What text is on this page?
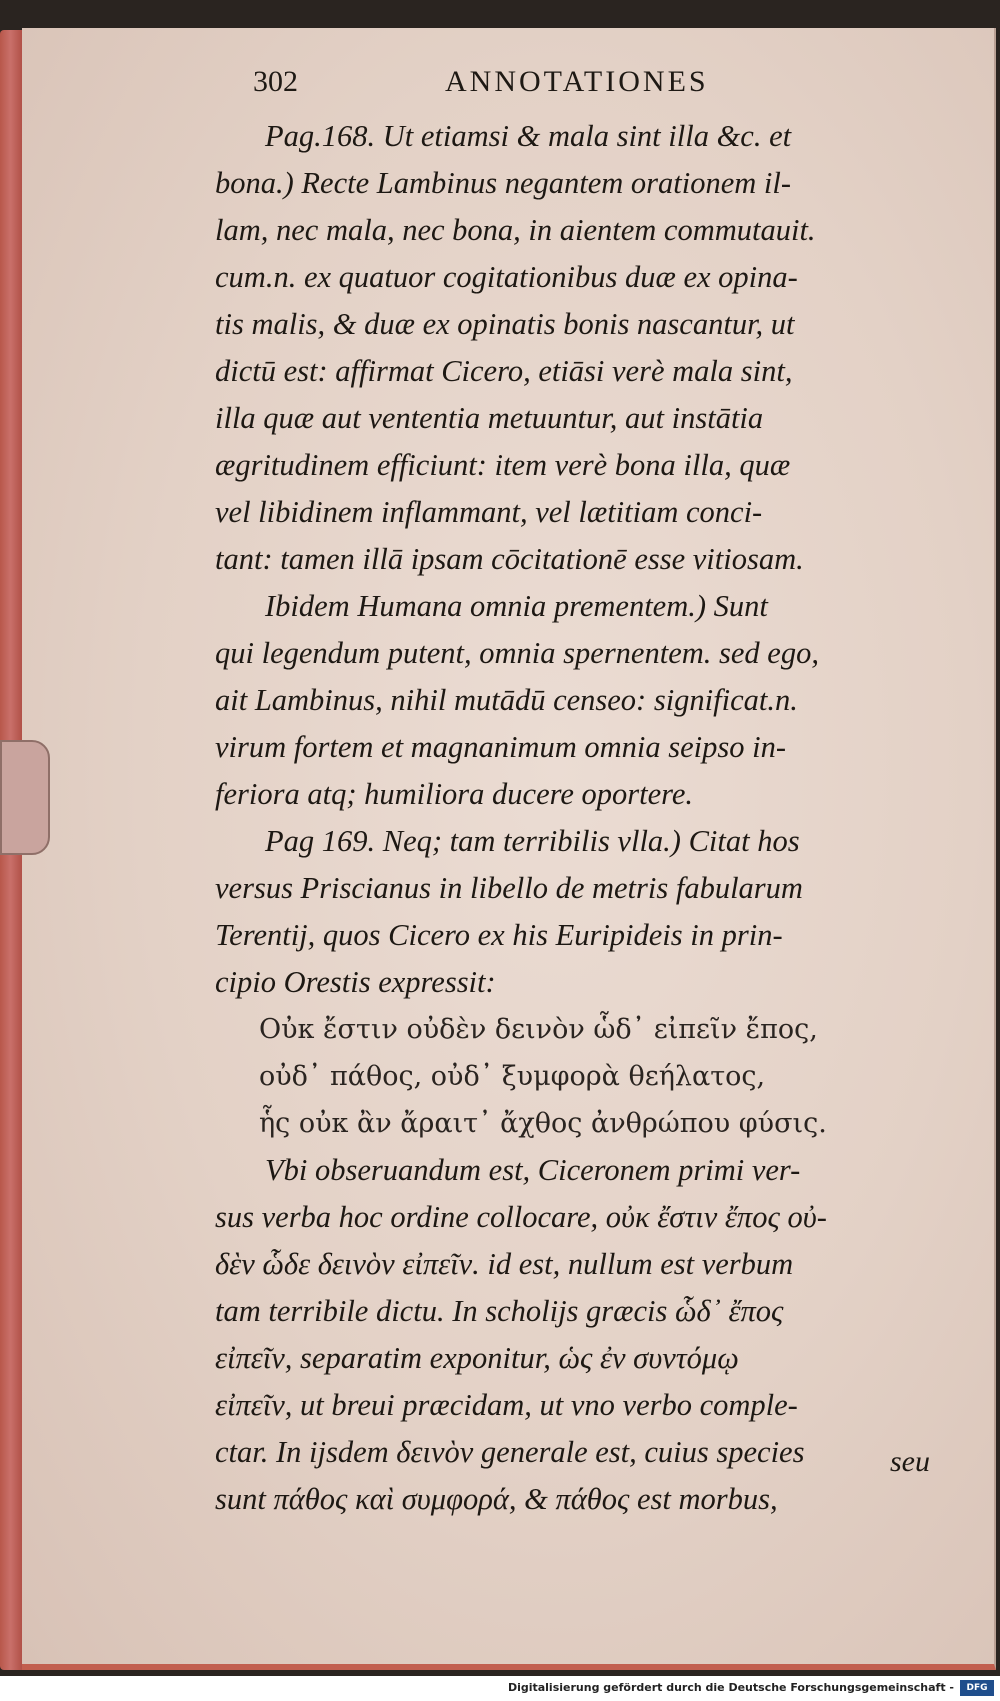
302	ANNOTATIONES
Pag.168. Ut etiamsi & mala sint illa &c. et
bona.) Recte Lambinus negantem orationem il-
lam, nec mala, nec bona, in aientem commutauit.
cum.n. ex quatuor cogitationibus duæ ex opina-
tis malis, & duæ ex opinatis bonis nascantur, ut
dictū est: affirmat Cicero, etiāsi verè mala sint,
illa quæ aut vententia metuuntur, aut instātia
ægritudinem efficiunt: item verè bona illa, quæ
vel libidinem inflammant, vel lætitiam conci-
tant: tamen illā ipsam cōcitationē esse vitiosam.
Ibidem Humana omnia prementem.) Sunt
qui legendum putent, omnia spernentem. sed ego,
ait Lambinus, nihil mutādū censeo: significat.n.
virum fortem et magnanimum omnia seipso in-
feriora atq; humiliora ducere oportere.
Pag 169. Neq; tam terribilis vlla.) Citat hos
versus Priscianus in libello de metris fabularum
Terentij, quos Cicero ex his Euripideis in prin-
cipio Orestis expressit:
Οὐκ ἔστιν οὐδὲν δεινὸν ὧδ᾽ εἰπεῖν ἔπος,
οὐδ᾽ πάθος, οὐδ᾽ ξυμφορὰ θεήλατος,
ἧς οὐκ ἂν ἄραιτ᾽ ἄχθος ἀνθρώπου φύσις.
Vbi obseruandum est, Ciceronem primi ver-
sus verba hoc ordine collocare, οὐκ ἔστιν ἔπος οὐ-
δὲν ὧδε δεινὸν εἰπεῖν. id est, nullum est verbum
tam terribile dictu. In scholijs græcis ὧδ᾽ ἔπος
εἰπεῖν, separatim exponitur, ὡς ἐν συντόμῳ
εἰπεῖν, ut breui præcidam, ut vno verbo comple-
ctar. In ijsdem δεινὸν generale est, cuius species
sunt πάθος καὶ συμφορά, & πάθος est morbus,
seu
Digitalisierung gefördert durch die Deutsche Forschungsgemeinschaft -	DFG
